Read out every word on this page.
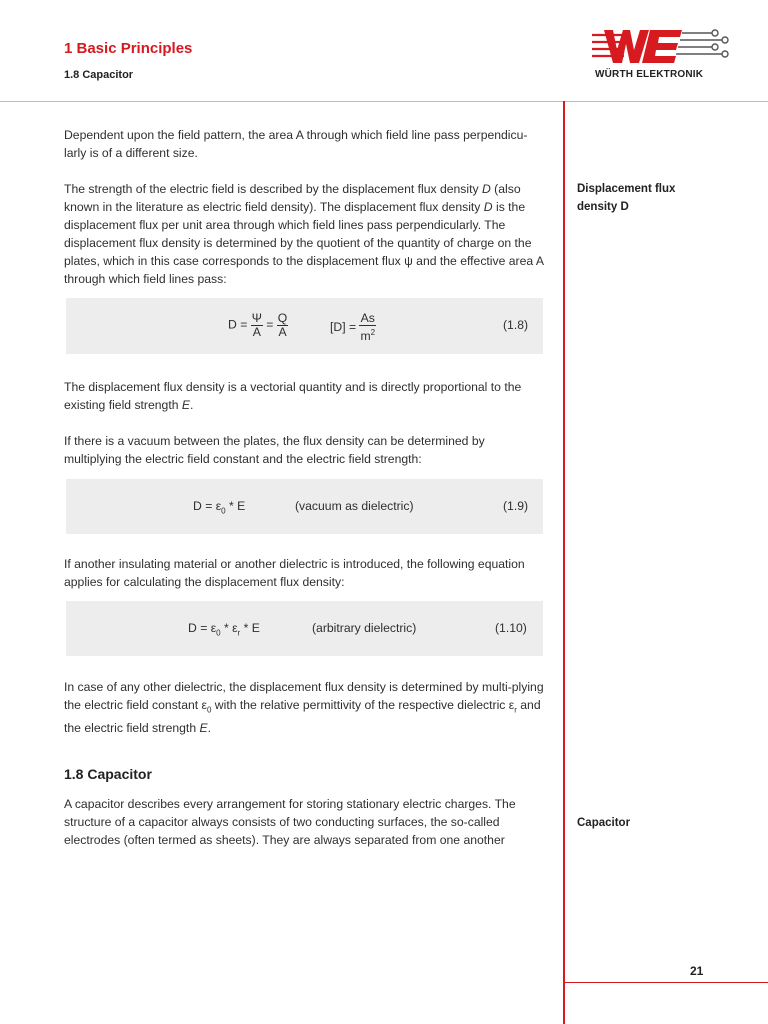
1 Basic Principles
1.8 Capacitor	WÜRTH ELEKTRONIK
Dependent upon the field pattern, the area A through which field line pass perpendicu-larly is of a different size.
The strength of the electric field is described by the displacement flux density D (also known in the literature as electric field density). The displacement flux density D is the displacement flux per unit area through which field lines pass perpendicularly. The displacement flux density is determined by the quotient of the quantity of charge on the plates, which in this case corresponds to the displacement flux ψ and the effective area A through which field lines pass:
$D = \frac{\Psi}{A} = \frac{Q}{A}$	$[D] = \frac{As}{m^2}$	(1.8)
The displacement flux density is a vectorial quantity and is directly proportional to the existing field strength E.
If there is a vacuum between the plates, the flux density can be determined by multiplying the electric field constant and the electric field strength:
$D = \varepsilon_0 * E$	(vacuum as dielectric)	(1.9)
If another insulating material or another dielectric is introduced, the following equation applies for calculating the displacement flux density:
$D = \varepsilon_0 * \varepsilon_r * E$	(arbitrary dielectric)	(1.10)
In case of any other dielectric, the displacement flux density is determined by multi-plying the electric field constant $\varepsilon_0$ with the relative permittivity of the respective dielectric $\varepsilon_r$ and the electric field strength E.
1.8 Capacitor
A capacitor describes every arrangement for storing stationary electric charges. The structure of a capacitor always consists of two conducting surfaces, the so-called electrodes (often termed as sheets). They are always separated from one another
Displacement flux
density D
Capacitor
21
